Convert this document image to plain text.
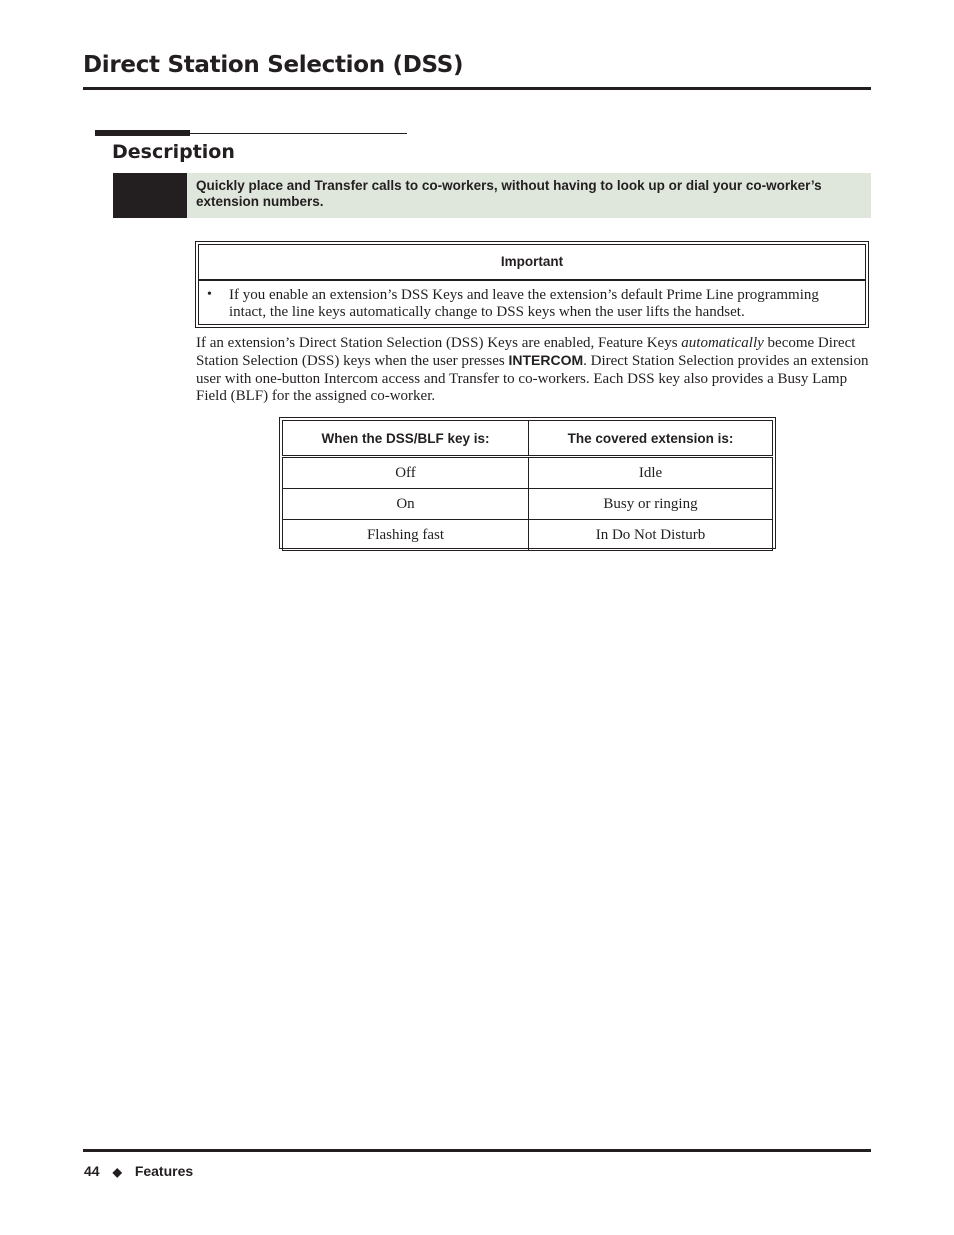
Direct Station Selection (DSS)
Description
Quickly place and Transfer calls to co-workers, without having to look up or dial your co-worker’s extension numbers.
Important
• If you enable an extension’s DSS Keys and leave the extension’s default Prime Line programming intact, the line keys automatically change to DSS keys when the user lifts the handset.
If an extension’s Direct Station Selection (DSS) Keys are enabled, Feature Keys automatically become Direct Station Selection (DSS) keys when the user presses INTERCOM. Direct Station Selection provides an extension user with one-button Intercom access and Transfer to co-workers. Each DSS key also provides a Busy Lamp Field (BLF) for the assigned co-worker.
When the DSS/BLF key is:	The covered extension is:
Off	Idle
On	Busy or ringing
Flashing fast	In Do Not Disturb
44 ◆ Features
